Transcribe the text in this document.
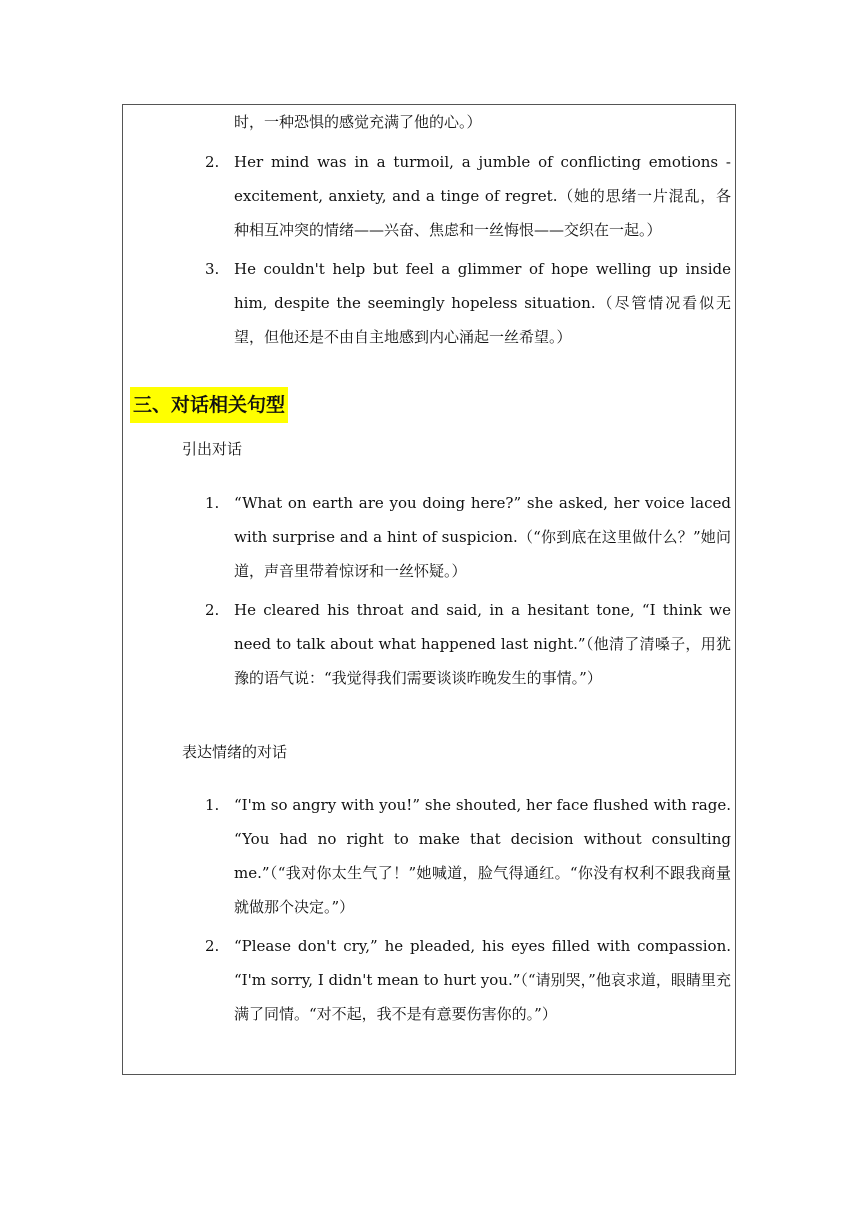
时，一种恐惧的感觉充满了他的心。）
2. Her mind was in a turmoil, a jumble of conflicting emotions - excitement, anxiety, and a tinge of regret.（她的思绪一片混乱，各种相互冲突的情绪——兴奋、焦虑和一丝悔恨——交织在一起。）
3. He couldn't help but feel a glimmer of hope welling up inside him, despite the seemingly hopeless situation.（尽管情况看似无望，但他还是不由自主地感到内心涌起一丝希望。）
三、对话相关句型
引出对话
1. “What on earth are you doing here?” she asked, her voice laced with surprise and a hint of suspicion.（“你到底在这里做什么？”她问道，声音里带着惊讶和一丝怀疑。）
2. He cleared his throat and said, in a hesitant tone, “I think we need to talk about what happened last night.”（他清了清嗓子，用犹豫的语气说：“我觉得我们需要谈谈昨晚发生的事情。”）
表达情绪的对话
1. “I'm so angry with you!” she shouted, her face flushed with rage. “You had no right to make that decision without consulting me.”（“我对你太生气了！”她喊道，脸气得通红。“你没有权利不跟我商量就做那个决定。”）
2. “Please don't cry,” he pleaded, his eyes filled with compassion. “I'm sorry, I didn't mean to hurt you.”（“请别哭，”他哀求道，眼睛里充满了同情。“对不起，我不是有意要伤害你的。”）
